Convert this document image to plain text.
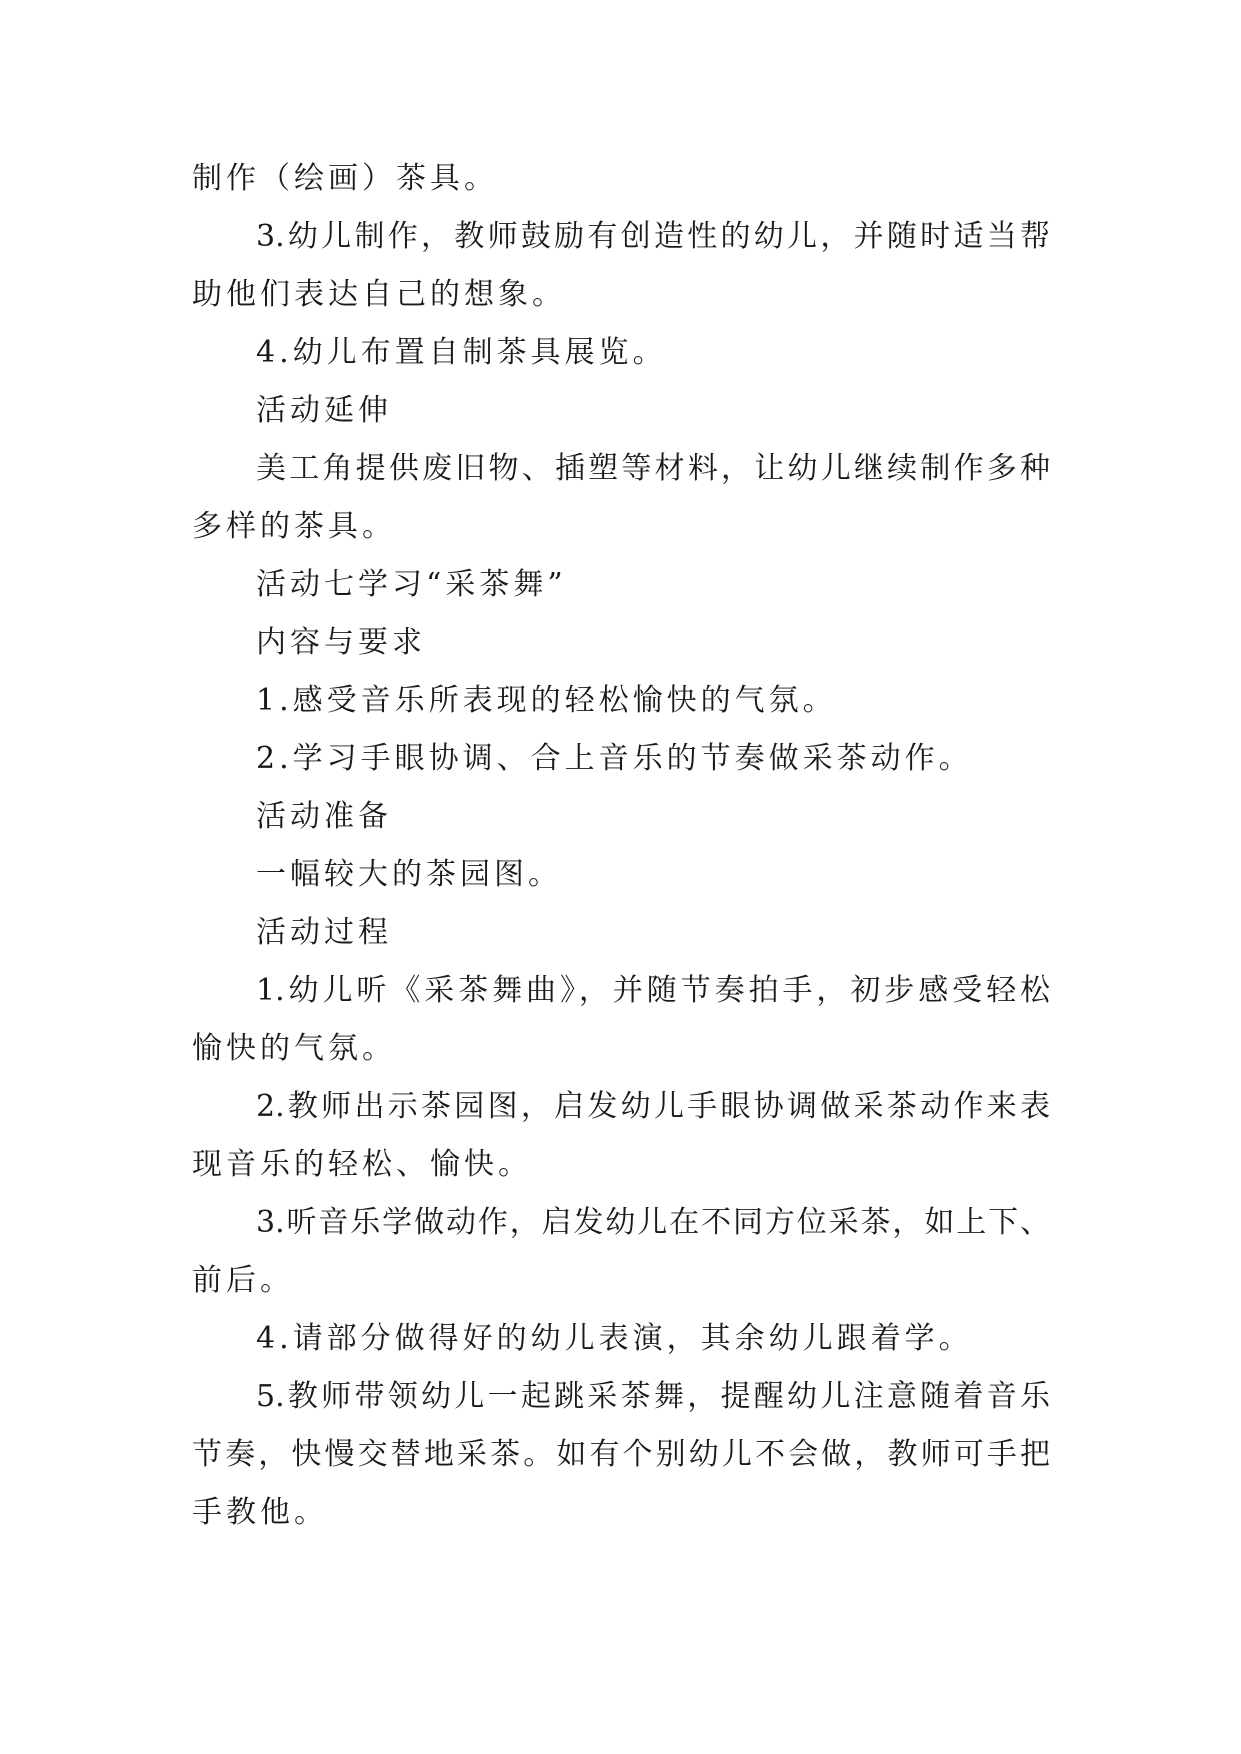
制作（绘画）茶具。
3.幼儿制作，教师鼓励有创造性的幼儿，并随时适当帮
助他们表达自己的想象。
4.幼儿布置自制茶具展览。
活动延伸
美工角提供废旧物、插塑等材料，让幼儿继续制作多种
多样的茶具。
活动七学习“采茶舞”
内容与要求
1.感受音乐所表现的轻松愉快的气氛。
2.学习手眼协调、合上音乐的节奏做采茶动作。
活动准备
一幅较大的茶园图。
活动过程
1.幼儿听《采茶舞曲》，并随节奏拍手，初步感受轻松
愉快的气氛。
2.教师出示茶园图，启发幼儿手眼协调做采茶动作来表
现音乐的轻松、愉快。
3.听音乐学做动作，启发幼儿在不同方位采茶，如上下、
前后。
4.请部分做得好的幼儿表演，其余幼儿跟着学。
5.教师带领幼儿一起跳采茶舞，提醒幼儿注意随着音乐
节奏，快慢交替地采茶。如有个别幼儿不会做，教师可手把
手教他。
